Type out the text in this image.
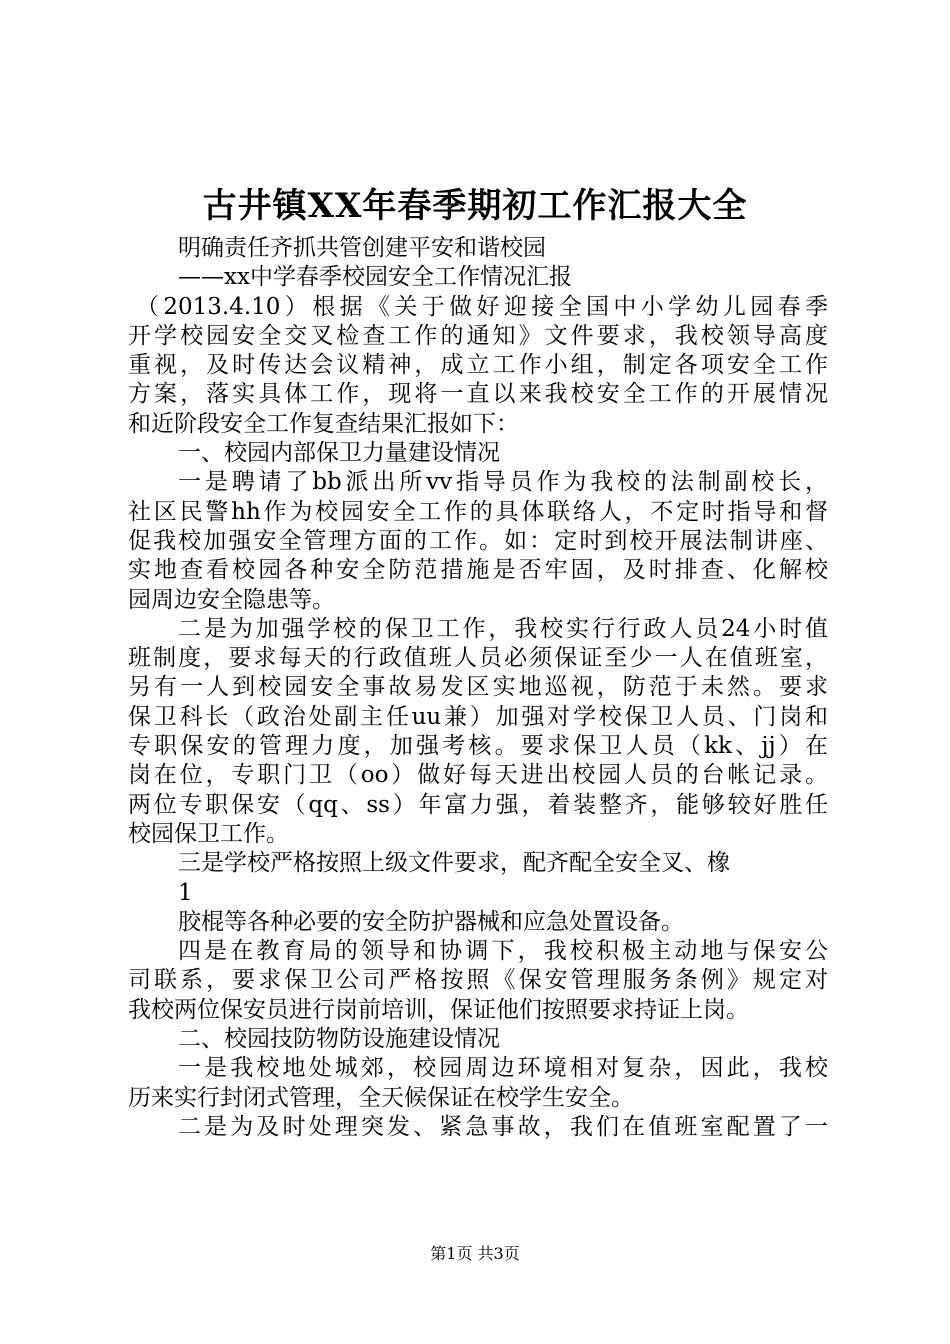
古井镇XX年春季期初工作汇报大全
明确责任齐抓共管创建平安和谐校园
——xx中学春季校园安全工作情况汇报
（2013.4.10）根据《关于做好迎接全国中小学幼儿园春季
开学校园安全交叉检查工作的通知》文件要求，我校领导高度
重视，及时传达会议精神，成立工作小组，制定各项安全工作
方案，落实具体工作，现将一直以来我校安全工作的开展情况
和近阶段安全工作复查结果汇报如下：
一、校园内部保卫力量建设情况
一是聘请了bb派出所vv指导员作为我校的法制副校长，
社区民警hh作为校园安全工作的具体联络人，不定时指导和督
促我校加强安全管理方面的工作。如：定时到校开展法制讲座、
实地查看校园各种安全防范措施是否牢固，及时排查、化解校
园周边安全隐患等。
二是为加强学校的保卫工作，我校实行行政人员24小时值
班制度，要求每天的行政值班人员必须保证至少一人在值班室，
另有一人到校园安全事故易发区实地巡视，防范于未然。要求
保卫科长（政治处副主任uu兼）加强对学校保卫人员、门岗和
专职保安的管理力度，加强考核。要求保卫人员（kk、jj）在
岗在位，专职门卫（oo）做好每天进出校园人员的台帐记录。
两位专职保安（qq、ss）年富力强，着装整齐，能够较好胜任
校园保卫工作。
三是学校严格按照上级文件要求，配齐配全安全叉、橡
1
胶棍等各种必要的安全防护器械和应急处置设备。
四是在教育局的领导和协调下，我校积极主动地与保安公
司联系，要求保卫公司严格按照《保安管理服务条例》规定对
我校两位保安员进行岗前培训，保证他们按照要求持证上岗。
二、校园技防物防设施建设情况
一是我校地处城郊，校园周边环境相对复杂，因此，我校
历来实行封闭式管理，全天候保证在校学生安全。
二是为及时处理突发、紧急事故，我们在值班室配置了一
第1页 共3页
